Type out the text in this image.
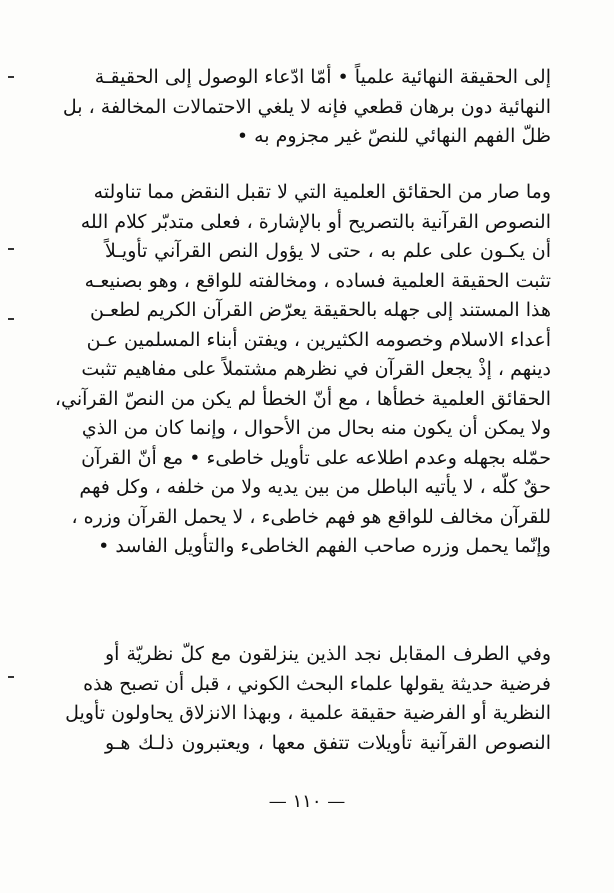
إلى الحقيقة النهائية علمياً • أمّا ادّعاء الوصول إلى الحقيقـة
النهائية دون برهان قطعي فإنه لا يلغي الاحتمالات المخالفة ، بل
ظلّ الفهم النهائي للنصّ غير مجزوم به •
وما صار من الحقائق العلمية التي لا تقبل النقض مما تناولته
النصوص القرآنية بالتصريح أو بالإشارة ، فعلى متدبّر كلام الله
أن يكـون على علم به ، حتى لا يؤول النص القرآني تأويـلاً
تثبت الحقيقة العلمية فساده ، ومخالفته للواقع ، وهو بصنيعـه
هذا المستند إلى جهله بالحقيقة يعرّض القرآن الكريم لطعـن
أعداء الاسلام وخصومه الكثيرين ، ويفتن أبناء المسلمين عـن
دينهم ، إذْ يجعل القرآن في نظرهم مشتملاً على مفاهيم تثبت
الحقائق العلمية خطأها ، مع أنّ الخطأ لم يكن من النصّ القرآني،
ولا يمكن أن يكون منه بحال من الأحوال ، وإنما كان من الذي
حمّله بجهله وعدم اطلاعه على تأويل خاطىء • مع أنّ القرآن
حقٌ كلّه ، لا يأتيه الباطل من بين يديه ولا من خلفه ، وكل فهم
للقرآن مخالف للواقع هو فهم خاطىء ، لا يحمل القرآن وزره ،
وإنّما يحمل وزره صاحب الفهم الخاطىء والتأويل الفاسد •
وفي الطرف المقابل نجد الذين ينزلقون مع كلّ نظريّة أو
فرضية حديثة يقولها علماء البحث الكوني ، قبل أن تصبح هذه
النظرية أو الفرضية حقيقة علمية ، وبهذا الانزلاق يحاولون تأويل
النصوص القرآنية تأويلات تتفق معها ، ويعتبرون ذلـك هـو
— ١١٠ —
